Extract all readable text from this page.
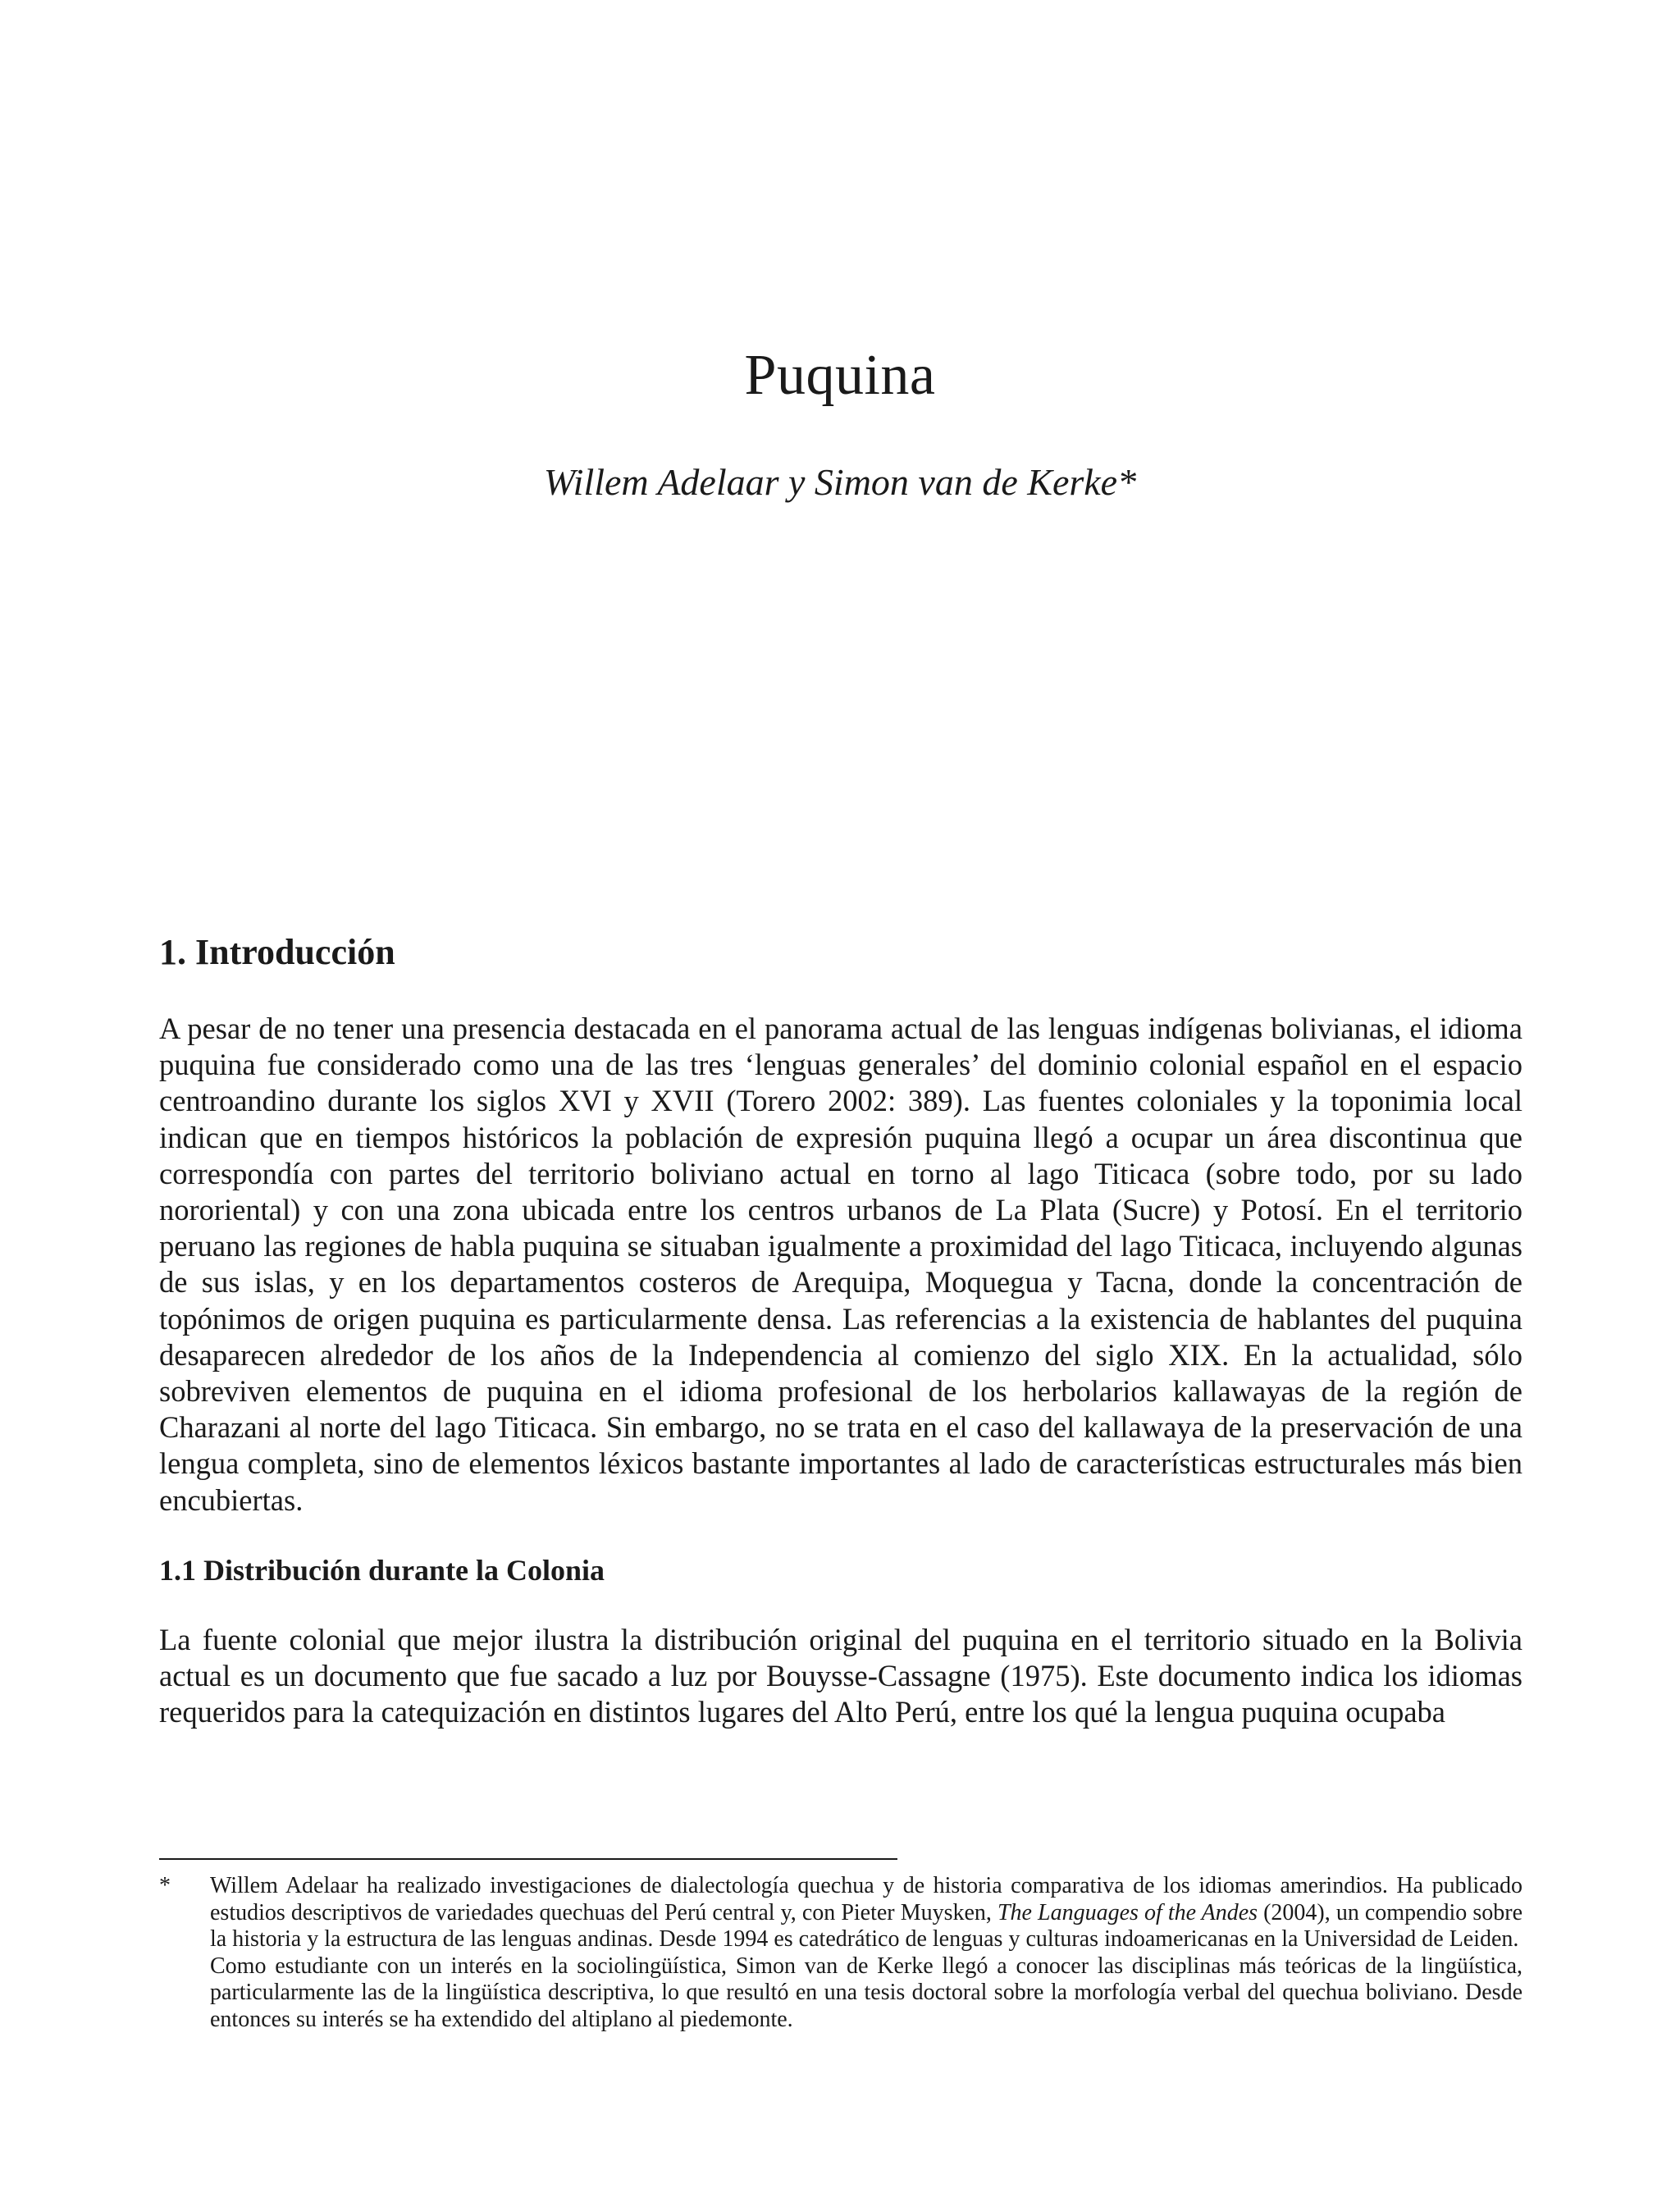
Puquina

Willem Adelaar y Simon van de Kerke*

1. Introducción

A pesar de no tener una presencia destacada en el panorama actual de las lenguas indígenas bolivianas, el idioma puquina fue considerado como una de las tres ‘lenguas generales’ del dominio colonial español en el espacio centroandino durante los siglos XVI y XVII (Torero 2002: 389). Las fuentes coloniales y la toponimia local indican que en tiempos históricos la población de expresión puquina llegó a ocupar un área discontinua que correspondía con partes del territorio boliviano actual en torno al lago Titicaca (sobre todo, por su lado nororiental) y con una zona ubicada entre los centros urbanos de La Plata (Sucre) y Potosí. En el territorio peruano las regiones de habla puquina se situaban igualmente a proximidad del lago Titicaca, incluyendo algunas de sus islas, y en los departamentos costeros de Arequipa, Moquegua y Tacna, donde la concentración de topónimos de origen puquina es particularmente densa. Las referencias a la existencia de hablantes del puquina desaparecen alrededor de los años de la Independencia al comienzo del siglo XIX. En la actualidad, sólo sobreviven elementos de puquina en el idioma profesional de los herbolarios kallawayas de la región de Charazani al norte del lago Titicaca. Sin embargo, no se trata en el caso del kallawaya de la preservación de una lengua completa, sino de elementos léxicos bastante importantes al lado de características estructurales más bien encubiertas.

1.1 Distribución durante la Colonia

La fuente colonial que mejor ilustra la distribución original del puquina en el territorio situado en la Bolivia actual es un documento que fue sacado a luz por Bouysse-Cassagne (1975). Este documento indica los idiomas requeridos para la catequización en distintos lugares del Alto Perú, entre los qué la lengua puquina ocupaba

* Willem Adelaar ha realizado investigaciones de dialectología quechua y de historia comparativa de los idiomas amerindios. Ha publicado estudios descriptivos de variedades quechuas del Perú central y, con Pieter Muysken, The Languages of the Andes (2004), un compendio sobre la historia y la estructura de las lenguas andinas. Desde 1994 es catedrático de lenguas y culturas indoamericanas en la Universidad de Leiden.

Como estudiante con un interés en la sociolingüística, Simon van de Kerke llegó a conocer las disciplinas más teóricas de la lingüística, particularmente las de la lingüística descriptiva, lo que resultó en una tesis doctoral sobre la morfología verbal del quechua boliviano. Desde entonces su interés se ha extendido del altiplano al piedemonte.
